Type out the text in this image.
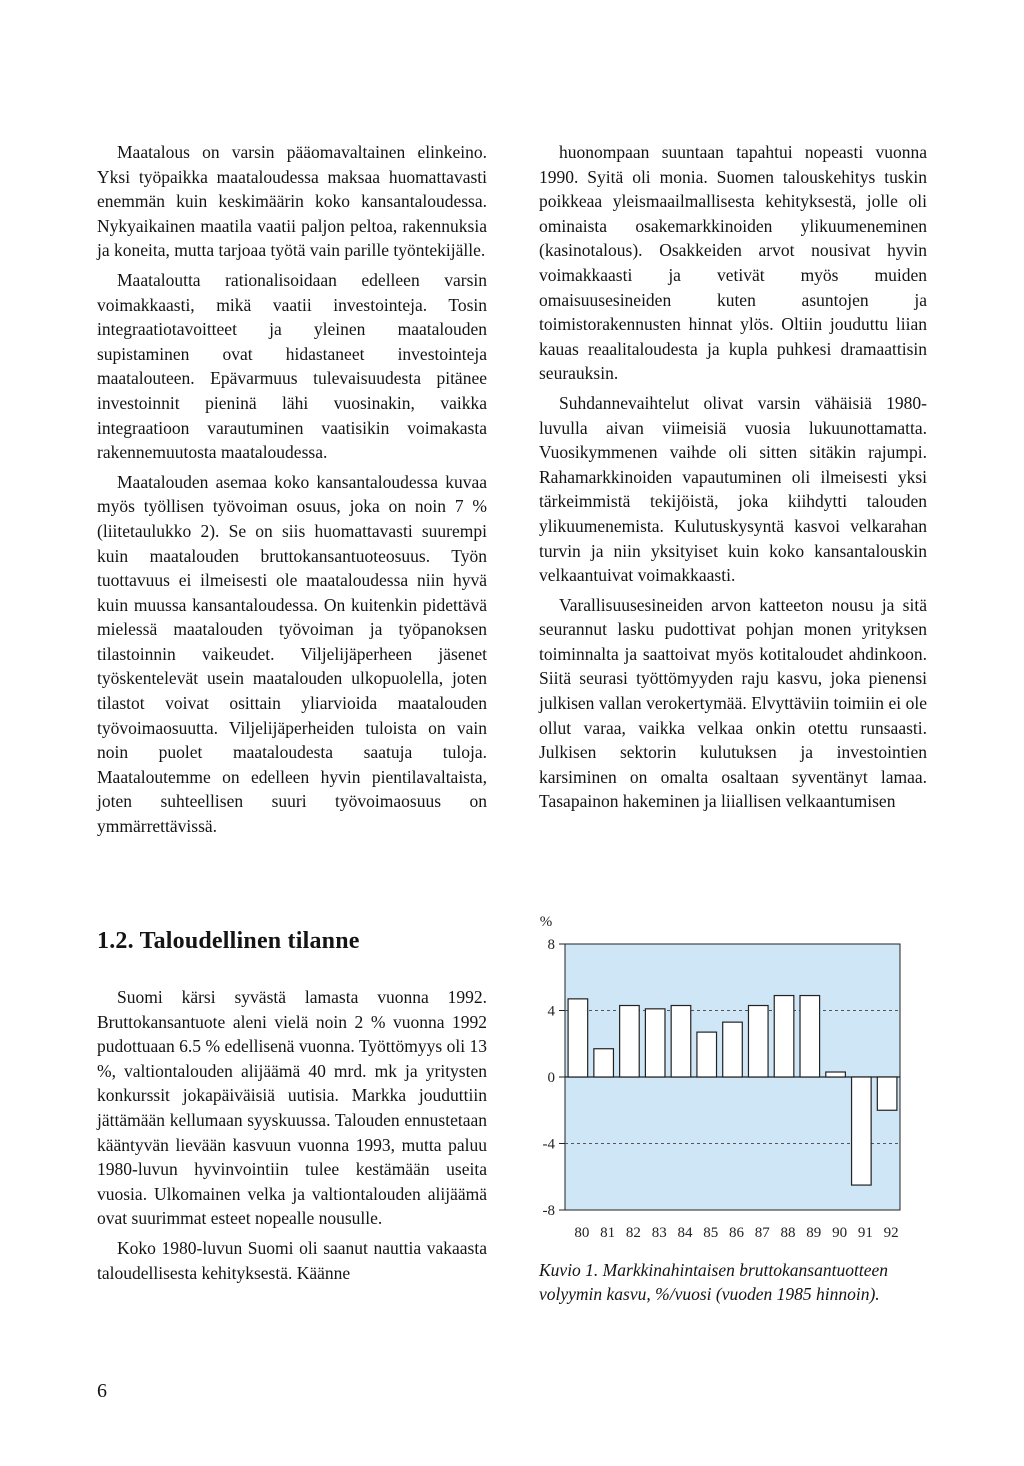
Maatalous on varsin pääomavaltainen elinkeino. Yksi työpaikka maataloudessa maksaa huomattavasti enemmän kuin keskimäärin koko kansantaloudessa. Nykyaikainen maatila vaatii paljon peltoa, rakennuksia ja koneita, mutta tarjoaa työtä vain parille työntekijälle.

Maataloutta rationalisoidaan edelleen varsin voimakkaasti, mikä vaatii investointeja. Tosin integraatiotavoitteet ja yleinen maatalouden supistaminen ovat hidastaneet investointeja maatalouteen. Epävarmuus tulevaisuudesta pitänee investoinnit pieninä lähi vuosinakin, vaikka integraatioon varautuminen vaatisikin voimakasta rakennemuutosta maataloudessa.

Maatalouden asemaa koko kansantaloudessa kuvaa myös työllisen työvoiman osuus, joka on noin 7 % (liitetaulukko 2). Se on siis huomattavasti suurempi kuin maatalouden bruttokansantuoteosuus. Työn tuottavuus ei ilmeisesti ole maataloudessa niin hyvä kuin muussa kansantaloudessa. On kuitenkin pidettävä mielessä maatalouden työvoiman ja työpanoksen tilastoinnin vaikeudet. Viljelijäperheen jäsenet työskentelevät usein maatalouden ulkopuolella, joten tilastot voivat osittain yliarvioida maatalouden työvoimaosuutta. Viljelijäperheiden tuloista on vain noin puolet maataloudesta saatuja tuloja. Maataloutemme on edelleen hyvin pientilavaltaista, joten suhteellisen suuri työvoimaosuus on ymmärrettävissä.

huonompaan suuntaan tapahtui nopeasti vuonna 1990. Syitä oli monia. Suomen talouskehitys tuskin poikkeaa yleismaailmallisesta kehityksestä, jolle oli ominaista osakemarkkinoiden ylikuumeneminen (kasinotalous). Osakkeiden arvot nousivat hyvin voimakkaasti ja vetivät myös muiden omaisuusesineiden kuten asuntojen ja toimistorakennusten hinnat ylös. Oltiin jouduttu liian kauas reaalitaloudesta ja kupla puhkesi dramaattisin seurauksin.

Suhdannevaihtelut olivat varsin vähäisiä 1980-luvulla aivan viimeisiä vuosia lukuunottamatta. Vuosikymmenen vaihde oli sitten sitäkin rajumpi. Rahamarkkinoiden vapautuminen oli ilmeisesti yksi tärkeimmistä tekijöistä, joka kiihdytti talouden ylikuumenemista. Kulutuskysyntä kasvoi velkarahan turvin ja niin yksityiset kuin koko kansantalouskin velkaantuivat voimakkaasti.

Varallisuusesineiden arvon katteeton nousu ja sitä seurannut lasku pudottivat pohjan monen yrityksen toiminnalta ja saattoivat myös kotitaloudet ahdinkoon. Siitä seurasi työttömyyden raju kasvu, joka pienensi julkisen vallan verokertymää. Elvyttäviin toimiin ei ole ollut varaa, vaikka velkaa onkin otettu runsaasti. Julkisen sektorin kulutuksen ja investointien karsiminen on omalta osaltaan syventänyt lamaa. Tasapainon hakeminen ja liiallisen velkaantumisen

1.2. Taloudellinen tilanne

Suomi kärsi syvästä lamasta vuonna 1992. Bruttokansantuote aleni vielä noin 2 % vuonna 1992 pudottuaan 6.5 % edellisenä vuonna. Työttömyys oli 13 %, valtiontalouden alijäämä 40 mrd. mk ja yritysten konkurssit jokapäiväisiä uutisia. Markka jouduttiin jättämään kellumaan syyskuussa. Talouden ennustetaan kääntyvän lievään kasvuun vuonna 1993, mutta paluu 1980-luvun hyvinvointiin tulee kestämään useita vuosia. Ulkomainen velka ja valtiontalouden alijäämä ovat suurimmat esteet nopealle nousulle.

Koko 1980-luvun Suomi oli saanut nauttia vakaasta taloudellisesta kehityksestä. Käänne

8
4
0
-4
-8
%
80 81 82 83 84 85 86 87 88 89 90 91 92

Kuvio 1. Markkinahintaisen bruttokansantuotteen volyymin kasvu, %/vuosi (vuoden 1985 hinnoin).

6
